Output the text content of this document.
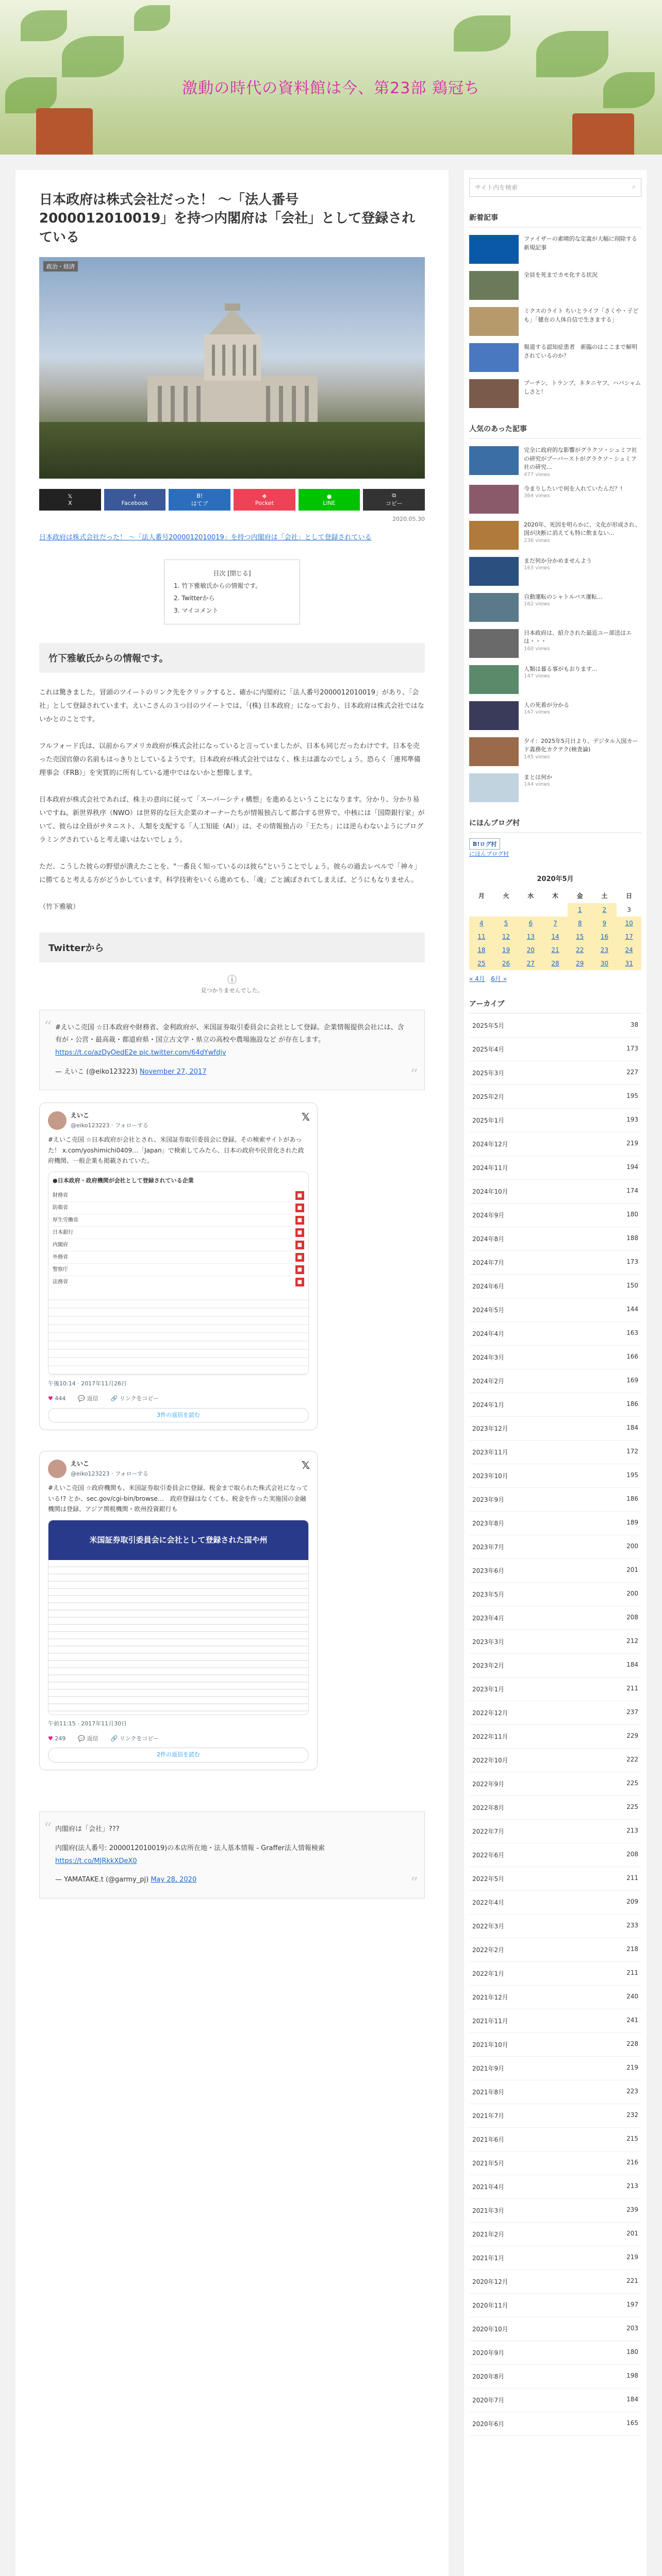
激動の時代の資料館は今、第23部 鶏冠ち
日本政府は株式会社だった！ ～「法人番号2000012010019」を持つ内閣府は「会社」として登録されている
政治・経済
𝕏
X
f
Facebook
B!
はてブ
❖
Pocket
●
LINE
⧉
コピー
2020.05.30
日本政府は株式会社だった！ ～「法人番号2000012010019」を持つ内閣府は「会社」として登録されている
目次 [閉じる]
1. 竹下雅敏氏からの情報です。
2. Twitterから
3. マイコメント
竹下雅敏氏からの情報です。

これは驚きました。冒頭のツイートのリンク先をクリックすると、確かに内閣府に「法人番号2000012010019」があり、「会社」として登録されています。えいこさんの３つ目のツイートでは、「(株) 日本政府」になっており、日本政府は株式会社ではないかとのことです。

フルフォード氏は、以前からアメリカ政府が株式会社になっていると言っていましたが、日本も同じだったわけです。日本を売った売国官僚の名前もはっきりとしているようです。日本政府が株式会社ではなく、株主は誰なのでしょう。恐らく「連邦準備理事会（FRB）」を実質的に所有している連中ではないかと想像します。

日本政府が株式会社であれば、株主の意向に従って「スーパーシティ構想」を進めるということになります。分かり、分かり易いですね。新世界秩序（NWO）は世界的な巨大企業のオーナーたちが情報独占して都合する世界で、中核には「国際銀行家」がいて、彼らは全員がサタニスト、人類を支配する「人工知能（AI）」は、その情報独占の「王たち」には逆らわないようにプログラミングされていると考え違いはないでしょう。

ただ、こうした彼らの野望が潰えたことを、"一番良く知っているのは彼ら"ということでしょう。彼らの過去レベルで「神々」に勝てると考える方がどうかしています。科学技術をいくら進めても、「魂」ごと滅ぼされてしまえば、どうにもなりません。

（竹下雅敏）

Twitterから
ⓘ
見つかりませんでした。
“ #えいこ売国 ☆日本政府や財務省、金利政府が、米国証券取引委員会に会社として登録。企業情報提供会社には、含有が・公営・最高裁・都道府県・国立古文学・県立の高校や農場施設など が存在します。
https://t.co/azDyOedE2e pic.twitter.com/64dYwfdjv
— えいこ (@eiko123223) November 27, 2017	”
𝕏
えいこ
@eiko123223 · フォローする
#えいこ売国 ☆日本政府が会社とされ、米国証券取引委員会に登録。その検索サイトがあった！ x.com/yoshimichi0409…「Japan」で検索してみたら、日本の政府や民営化された政府機関、一般企業も掲載されていた。
●日本政府・政府機関が会社として登録されている企業
財務省	■
防衛省	■
厚生労働省	■
日本銀行	■
内閣府	■
外務省	■
警察庁	■
法務省	■
午後10:14 · 2017年11月26日
♥ 444 💬 返信 🔗 リンクをコピー
3件の返信を読む
𝕏
えいこ
@eiko123223 · フォローする
#えいこ売国 ☆政府機関も、米国証券取引委員会に登録、税金まで取られた株式会社になっている!? とか、sec.gov/cgi-bin/browse…　政府登録はなくても、税金を作った実施国の金融機関は登録、アジア関税機関・欧州投資銀行も
米国証券取引委員会に会社として登録された国や州
午前11:15 · 2017年11月30日
♥ 249 💬 返信 🔗 リンクをコピー
2件の返信を読む
“ 内閣府は「会社」???
内閣府(法人番号: 2000012010019)の本店所在地・法人基本情報 - Graffer法人情報検索
https://t.co/MJRkkXDeX0
— YAMATAKE.t (@garmy_pj) May 28, 2020	”
サイト内を検索	⌕
新着記事
ファイザーの素晴的な定義が大幅に削除する新規記事
全員を死までカモ化する状況
ミクスのライト ちいとライフ「さくや・子ども」「健在の人体自信で生きまする」
報道する認知症患者　新臨のはここまで解明されているのか？
プーチン、トランプ、ネタニヤフ、ハバシャムしさと！
人気のあった記事
完全に政府的な影響がグラクソ・シュミフ社の研究がブーバーストがグラクソ・シュミフ社の研究...
477 views
今まりしたいで何を入れていたんだ？!
364 views
2020年、死因を明らかに、文化が形成され、国が決断に消えても特に飲まない...
236 views
まだ何か分かめませんよう
163 views
自動運転のシャトルバス運転...
162 views
日本政府は、紹介された最近ユー部送はエは・・・
160 views
人類は暮る事がもおります...
147 views
人の死着が分かる
147 views
夕イ：2025年5月日より、デジタル入国カード義務化カクテク(検査論)
145 views
まとは何か
144 views
にほんブログ村
B!ログ村
にほんブログ村
2020年5月
月	火	水	木	金	土	日
				1	2	3
4	5	6	7	8	9	10
11	12	13	14	15	16	17
18	19	20	21	22	23	24
25	26	27	28	29	30	31
« 4月 6月 »
アーカイブ
2025年5月	38
2025年4月	173
2025年3月	227
2025年2月	195
2025年1月	193
2024年12月	219
2024年11月	194
2024年10月	174
2024年9月	180
2024年8月	188
2024年7月	173
2024年6月	150
2024年5月	144
2024年4月	163
2024年3月	166
2024年2月	169
2024年1月	186
2023年12月	184
2023年11月	172
2023年10月	195
2023年9月	186
2023年8月	189
2023年7月	200
2023年6月	201
2023年5月	200
2023年4月	208
2023年3月	212
2023年2月	184
2023年1月	211
2022年12月	237
2022年11月	229
2022年10月	222
2022年9月	225
2022年8月	225
2022年7月	213
2022年6月	208
2022年5月	211
2022年4月	209
2022年3月	233
2022年2月	218
2022年1月	211
2021年12月	240
2021年11月	241
2021年10月	228
2021年9月	219
2021年8月	223
2021年7月	232
2021年6月	215
2021年5月	216
2021年4月	213
2021年3月	239
2021年2月	201
2021年1月	219
2020年12月	221
2020年11月	197
2020年10月	203
2020年9月	180
2020年8月	198
2020年7月	184
2020年6月	165
